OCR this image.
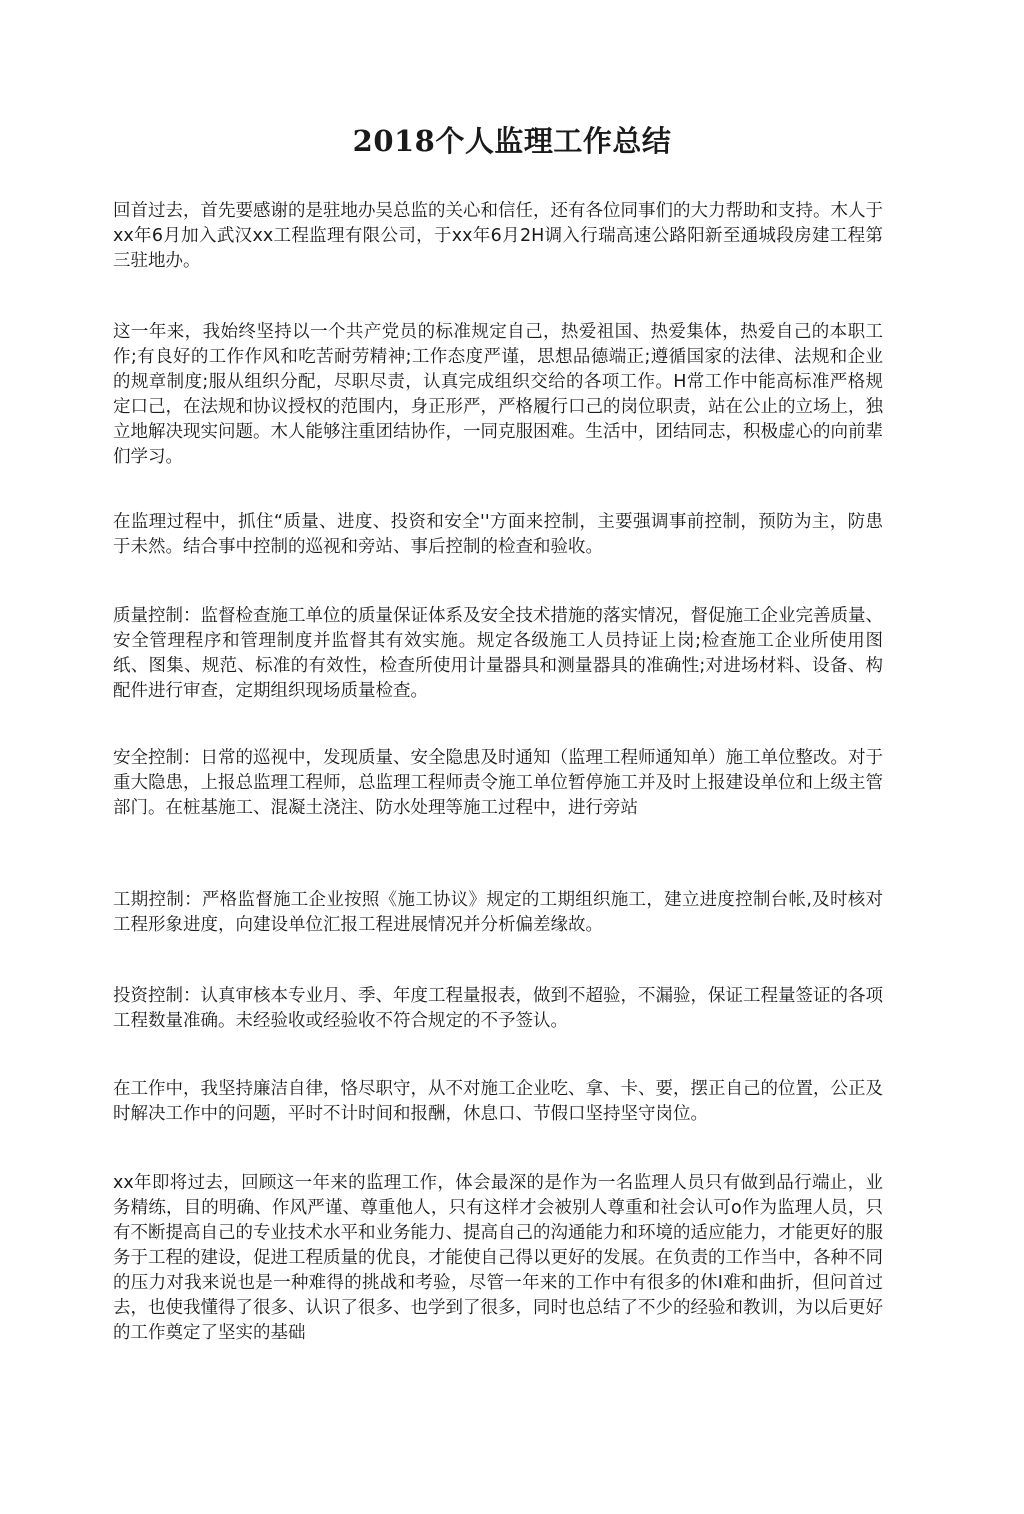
2018个人监理工作总结

回首过去，首先要感谢的是驻地办吴总监的关心和信任，还有各位同事们的大力帮助和支持。木人于xx年6月加入武汉xx工程监理有限公司，于xx年6月2H调入行瑞高速公路阳新至通城段房建工程第三驻地办。

这一年来，我始终坚持以一个共产党员的标准规定自己，热爱祖国、热爱集体，热爱自己的本职工作;有良好的工作作风和吃苦耐劳精神;工作态度严谨，思想品德端正;遵循国家的法律、法规和企业的规章制度;服从组织分配，尽职尽责，认真完成组织交给的各项工作。H常工作中能高标准严格规定口己，在法规和协议授权的范围内，身正形严，严格履行口己的岗位职责，站在公止的立场上，独立地解决现实问题。木人能够注重团结协作，一同克服困难。生活中，团结同志，积极虚心的向前辈们学习。

在监理过程中，抓住“质量、进度、投资和安全''方面来控制，主要强调事前控制，预防为主，防患于未然。结合事中控制的巡视和旁站、事后控制的检查和验收。

质量控制：监督检查施工单位的质量保证体系及安全技术措施的落实情况，督促施工企业完善质量、安全管理程序和管理制度并监督其有效实施。规定各级施工人员持证上岗;检查施工企业所使用图纸、图集、规范、标准的有效性，检查所使用计量器具和测量器具的准确性;对进场材料、设备、构配件进行审查，定期组织现场质量检查。

安全控制：日常的巡视中，发现质量、安全隐患及时通知（监理工程师通知单）施工单位整改。对于重大隐患，上报总监理工程师，总监理工程师责令施工单位暂停施工并及时上报建设单位和上级主管部门。在桩基施工、混凝土浇注、防水处理等施工过程中，进行旁站

工期控制：严格监督施工企业按照《施工协议》规定的工期组织施工，建立进度控制台帐,及时核对工程形象进度，向建设单位汇报工程进展情况并分析偏差缘故。

投资控制：认真审核本专业月、季、年度工程量报表，做到不超验，不漏验，保证工程量签证的各项工程数量准确。未经验收或经验收不符合规定的不予签认。

在工作中，我坚持廉洁自律，恪尽职守，从不对施工企业吃、拿、卡、要，摆正自己的位置，公正及时解决工作中的问题，平时不计时间和报酬，休息口、节假口坚持坚守岗位。

xx年即将过去，回顾这一年来的监理工作，体会最深的是作为一名监理人员只有做到品行端止，业务精练，目的明确、作风严谨、尊重他人，只有这样才会被别人尊重和社会认可o作为监理人员，只有不断提高自己的专业技术水平和业务能力、提高自己的沟通能力和环境的适应能力，才能更好的服务于工程的建设，促进工程质量的优良，才能使自己得以更好的发展。在负责的工作当中，各种不同的压力对我来说也是一种难得的挑战和考验，尽管一年来的工作中有很多的休I难和曲折，但问首过去，也使我懂得了很多、认识了很多、也学到了很多，同时也总结了不少的经验和教训，为以后更好的工作奠定了坚实的基础
